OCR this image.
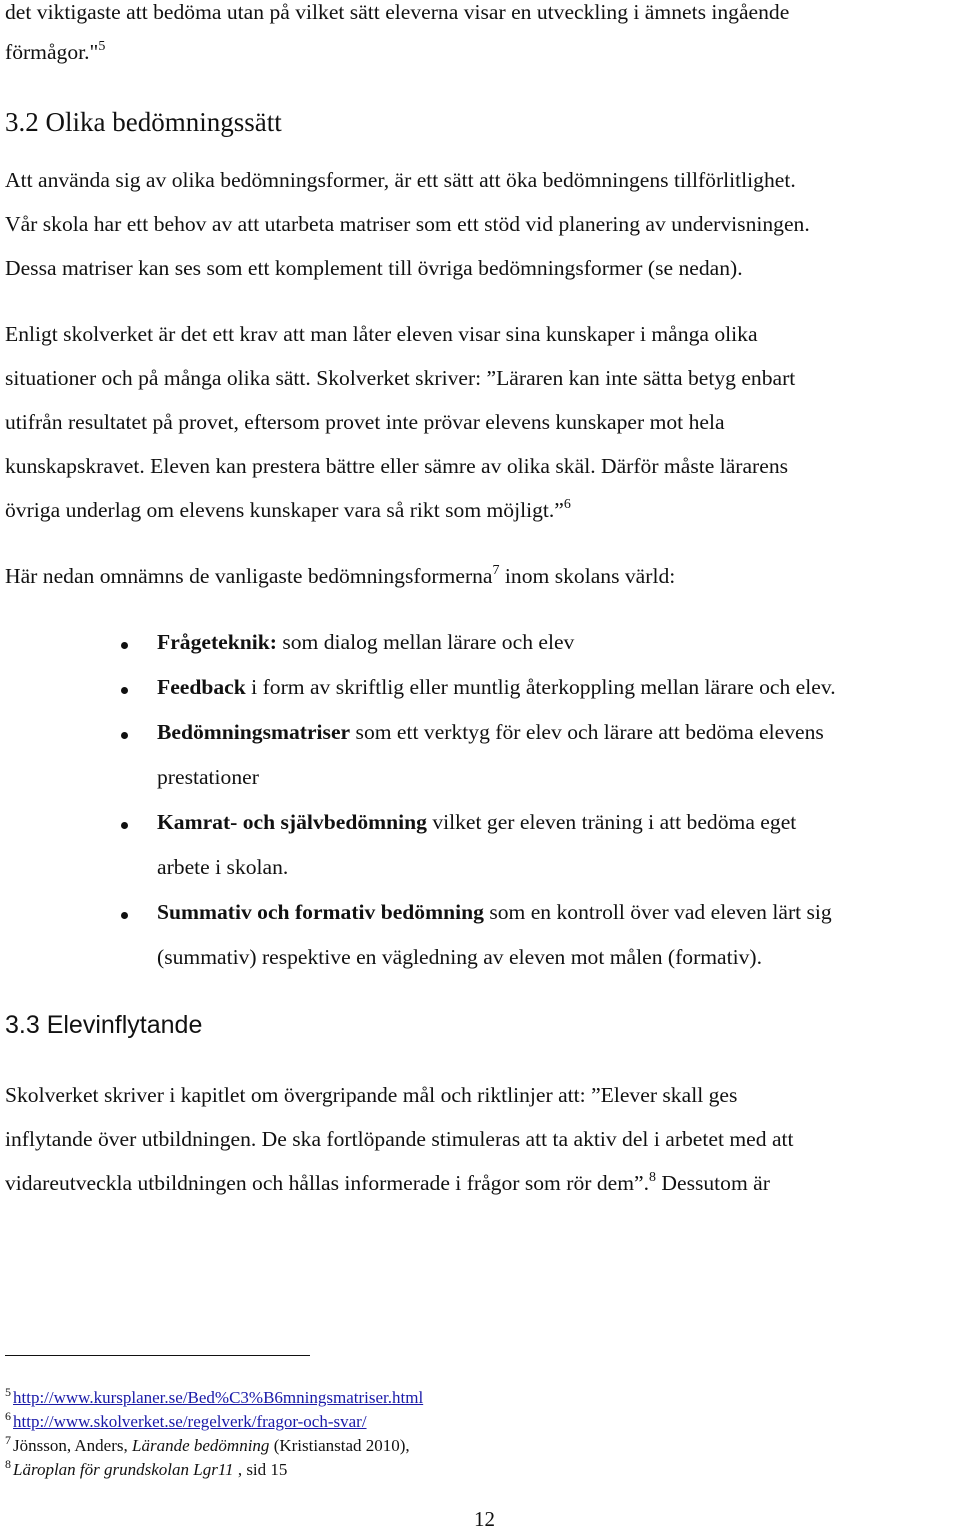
det viktigaste att bedöma utan på vilket sätt eleverna visar en utveckling i ämnets ingående
förmågor."$^5$
3.2 Olika bedömningssätt
Att använda sig av olika bedömningsformer, är ett sätt att öka bedömningens tillförlitlighet.
Vår skola har ett behov av att utarbeta matriser som ett stöd vid planering av undervisningen.
Dessa matriser kan ses som ett komplement till övriga bedömningsformer (se nedan).
Enligt skolverket är det ett krav att man låter eleven visar sina kunskaper i många olika
situationer och på många olika sätt. Skolverket skriver: ”Läraren kan inte sätta betyg enbart
utifrån resultatet på provet, eftersom provet inte prövar elevens kunskaper mot hela
kunskapskravet. Eleven kan prestera bättre eller sämre av olika skäl. Därför måste lärarens
övriga underlag om elevens kunskaper vara så rikt som möjligt.”$^6$
Här nedan omnämns de vanligaste bedömningsformerna$^7$ inom skolans värld:
Frågeteknik: som dialog mellan lärare och elev
Feedback i form av skriftlig eller muntlig återkoppling mellan lärare och elev.
Bedömningsmatriser som ett verktyg för elev och lärare att bedöma elevens
prestationer
Kamrat- och självbedömning vilket ger eleven träning i att bedöma eget
arbete i skolan.
Summativ och formativ bedömning som en kontroll över vad eleven lärt sig
(summativ) respektive en vägledning av eleven mot målen (formativ).
3.3 Elevinflytande
Skolverket skriver i kapitlet om övergripande mål och riktlinjer att: ”Elever skall ges
inflytande över utbildningen. De ska fortlöpande stimuleras att ta aktiv del i arbetet med att
vidareutveckla utbildningen och hållas informerade i frågor som rör dem”.$^8$ Dessutom är
$^5$ http://www.kursplaner.se/Bed%C3%B6mningsmatriser.html
$^6$ http://www.skolverket.se/regelverk/fragor-och-svar/
$^7$ Jönsson, Anders, Lärande bedömning (Kristianstad 2010),
$^8$ Läroplan för grundskolan Lgr11 , sid 15
12
